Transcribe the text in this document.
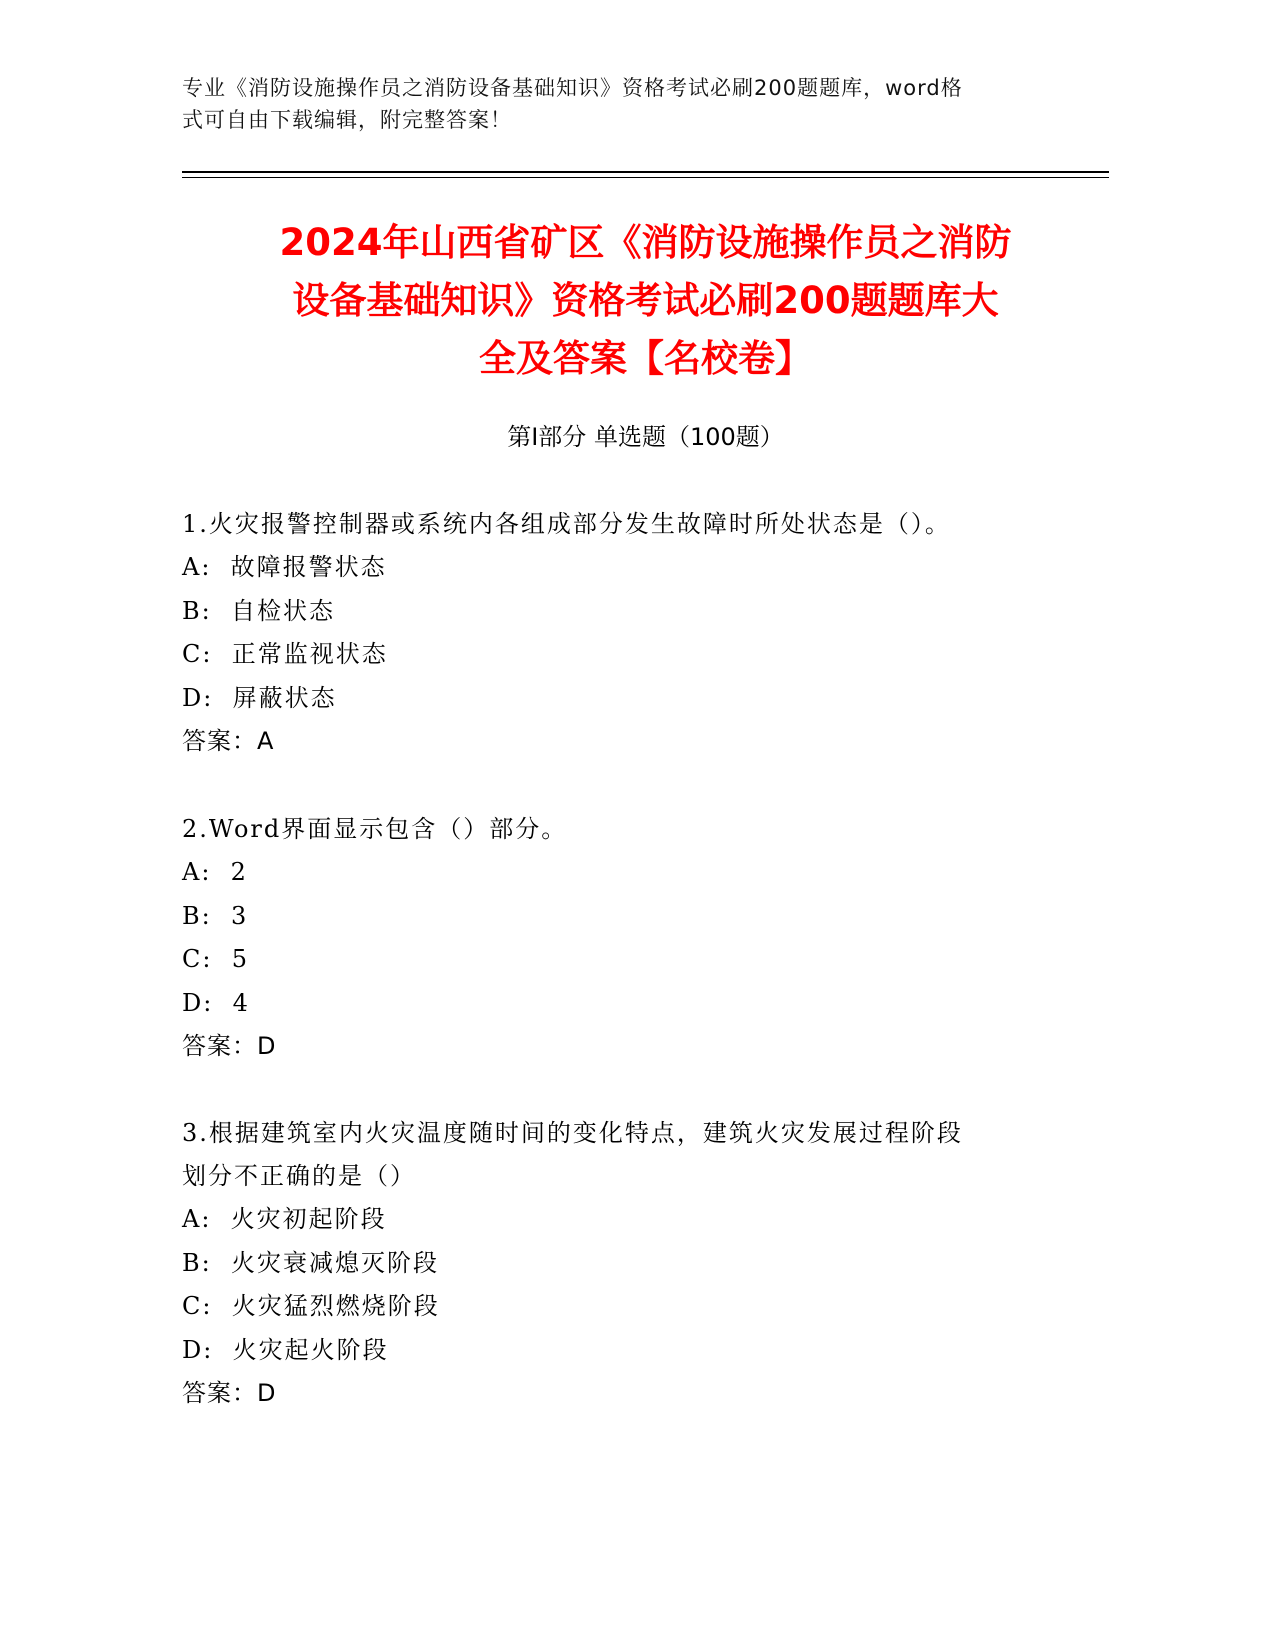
专业《消防设施操作员之消防设备基础知识》资格考试必刷200题题库，word格
式可自由下载编辑，附完整答案！
2024年山西省矿区《消防设施操作员之消防
设备基础知识》资格考试必刷200题题库大
全及答案【名校卷】
第Ⅰ部分 单选题（100题）
1.火灾报警控制器或系统内各组成部分发生故障时所处状态是（）。
A:  故障报警状态
B:  自检状态
C:  正常监视状态
D:  屏蔽状态
答案：A
2.Word界面显示包含（）部分。
A:  2
B:  3
C:  5
D:  4
答案：D
3.根据建筑室内火灾温度随时间的变化特点，建筑火灾发展过程阶段
划分不正确的是（）
A:  火灾初起阶段
B:  火灾衰减熄灭阶段
C:  火灾猛烈燃烧阶段
D:  火灾起火阶段
答案：D
